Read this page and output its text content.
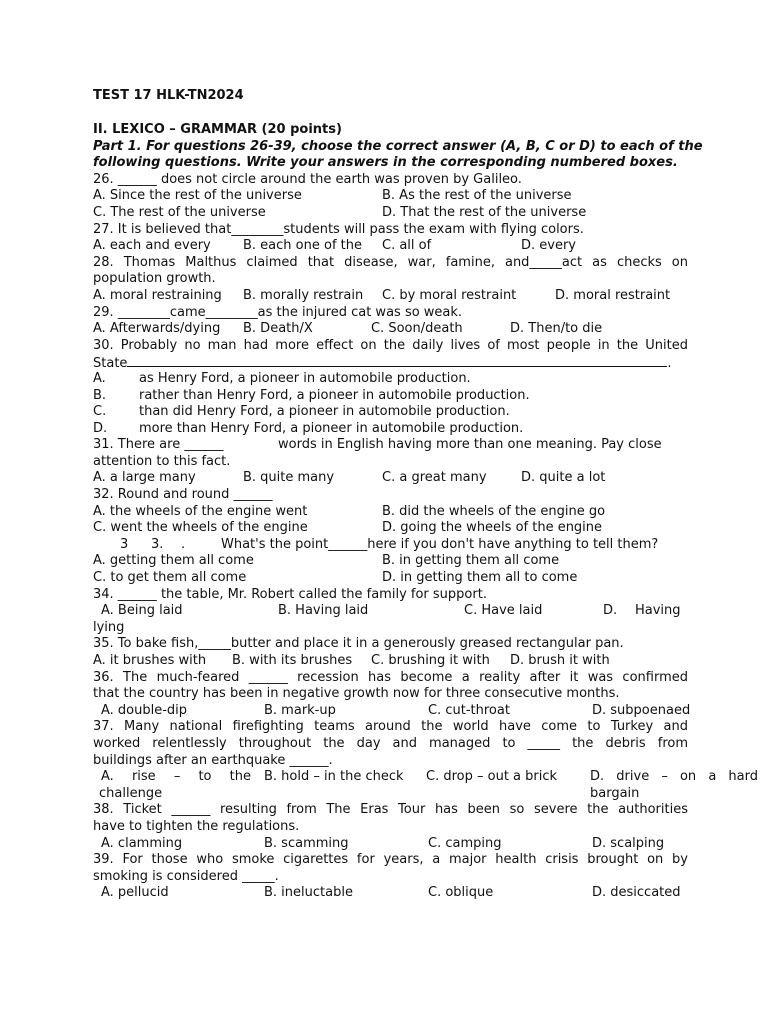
TEST 17 HLK-TN2024
II. LEXICO – GRAMMAR (20 points)
Part 1. For questions 26-39, choose the correct answer (A, B, C or D) to each of the
following questions. Write your answers in the corresponding numbered boxes.
26. ______ does not circle around the earth was proven by Galileo.
A. Since the rest of the universe	B. As the rest of the universe
C. The rest of the universe	D. That the rest of the universe
27. It is believed that________students will pass the exam with flying colors.
A. each and every B. each one of the C. all of	D. every
28. Thomas Malthus claimed that disease, war, famine, and_____act as checks on
population growth.
A. moral restraining B. morally restrain C. by moral restraint	D. moral restraint
29. ________came________as the injured cat was so weak.
A. Afterwards/dying B. Death/X	C. Soon/death	D. Then/to die
30. Probably no man had more effect on the daily lives of most people in the United
State	.
A.	as Henry Ford, a pioneer in automobile production.
B.	rather than Henry Ford, a pioneer in automobile production.
C.	than did Henry Ford, a pioneer in automobile production.
D. more than Henry Ford, a pioneer in automobile production.
31. There are ______	words in English having more than one meaning. Pay close
attention to this fact.
A. a large many	B. quite many	C. a great many	D. quite a lot
32. Round and round ______
A. the wheels of the engine went	B. did the wheels of the engine go
C. went the wheels of the engine	D. going the wheels of the engine
3 3. .	What's the point______here if you don't have anything to tell them?
A. getting them all come	B. in getting them all come
C. to get them all come	D. in getting them all to come
34. ______ the table, Mr. Robert called the family for support.
A. Being laid	B. Having laid	C. Have laid	D. Having
lying
35. To bake fish,_____butter and place it in a generously greased rectangular pan.
A. it brushes with B. with its brushes C. brushing it with D. brush it with
36. The much-feared ______ recession has become a reality after it was confirmed
that the country has been in negative growth now for three consecutive months.
A. double-dip	B. mark-up	C. cut-throat	D. subpoenaed
37. Many national firefighting teams around the world have come to Turkey and
worked relentlessly throughout the day and managed to _____ the debris from
buildings after an earthquake ______.
A. rise – to the B. hold – in the check C. drop – out a brick	D. drive – on a hard
challenge	bargain
38. Ticket ______ resulting from The Eras Tour has been so severe the authorities
have to tighten the regulations.
A. clamming	B. scamming	C. camping	D. scalping
39. For those who smoke cigarettes for years, a major health crisis brought on by
smoking is considered _____.
A. pellucid	B. ineluctable	C. oblique	D. desiccated
